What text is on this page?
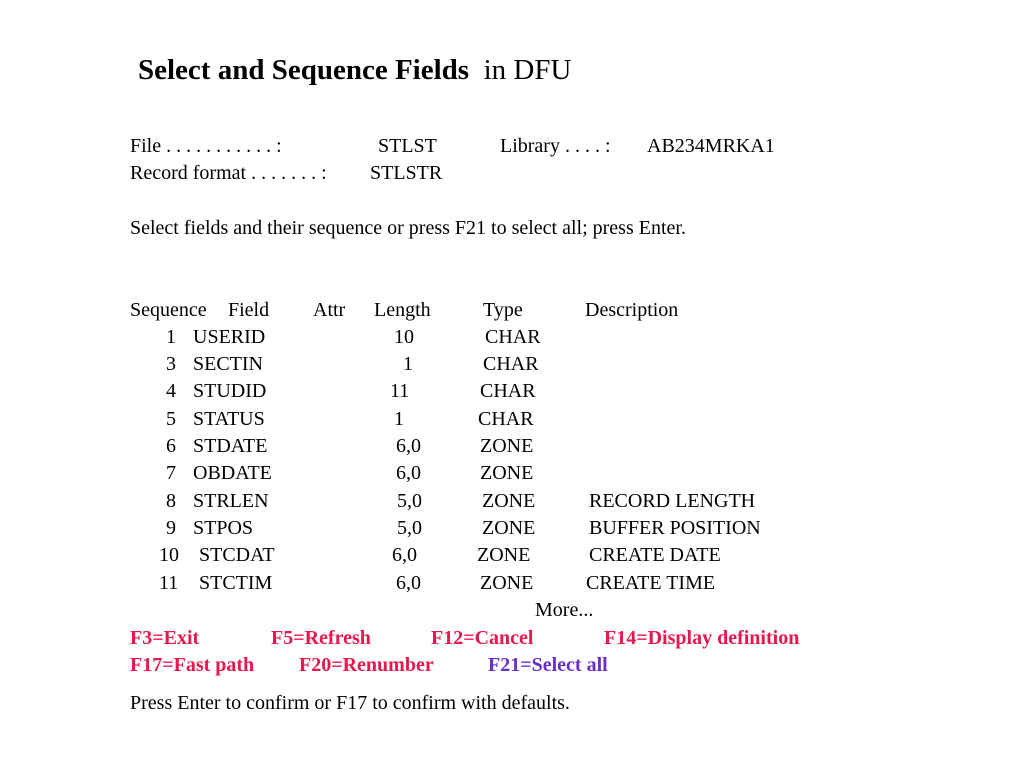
Select and Sequence Fields in DFU
File . . . . . . . . . . . :	STLST	Library . . . . : AB234MRKA1
Record format . . . . . . . : STLSTR
Select fields and their sequence or press F21 to select all; press Enter.
Sequence Field Attr Length	Type	Description
1 USERID	10	CHAR
3 SECTIN	1	CHAR
4 STUDID	11	CHAR
5 STATUS	1	CHAR
6 STDATE	6,0	ZONE
7 OBDATE	6,0	ZONE
8 STRLEN	5,0	ZONE	RECORD LENGTH
9 STPOS	5,0	ZONE	BUFFER POSITION
10 STCDAT	6,0	ZONE	CREATE DATE
11 STCTIM	6,0	ZONE	CREATE TIME
More...
F3=Exit	F5=Refresh	F12=Cancel	F14=Display definition
F17=Fast path F20=Renumber	F21=Select all
Press Enter to confirm or F17 to confirm with defaults.
